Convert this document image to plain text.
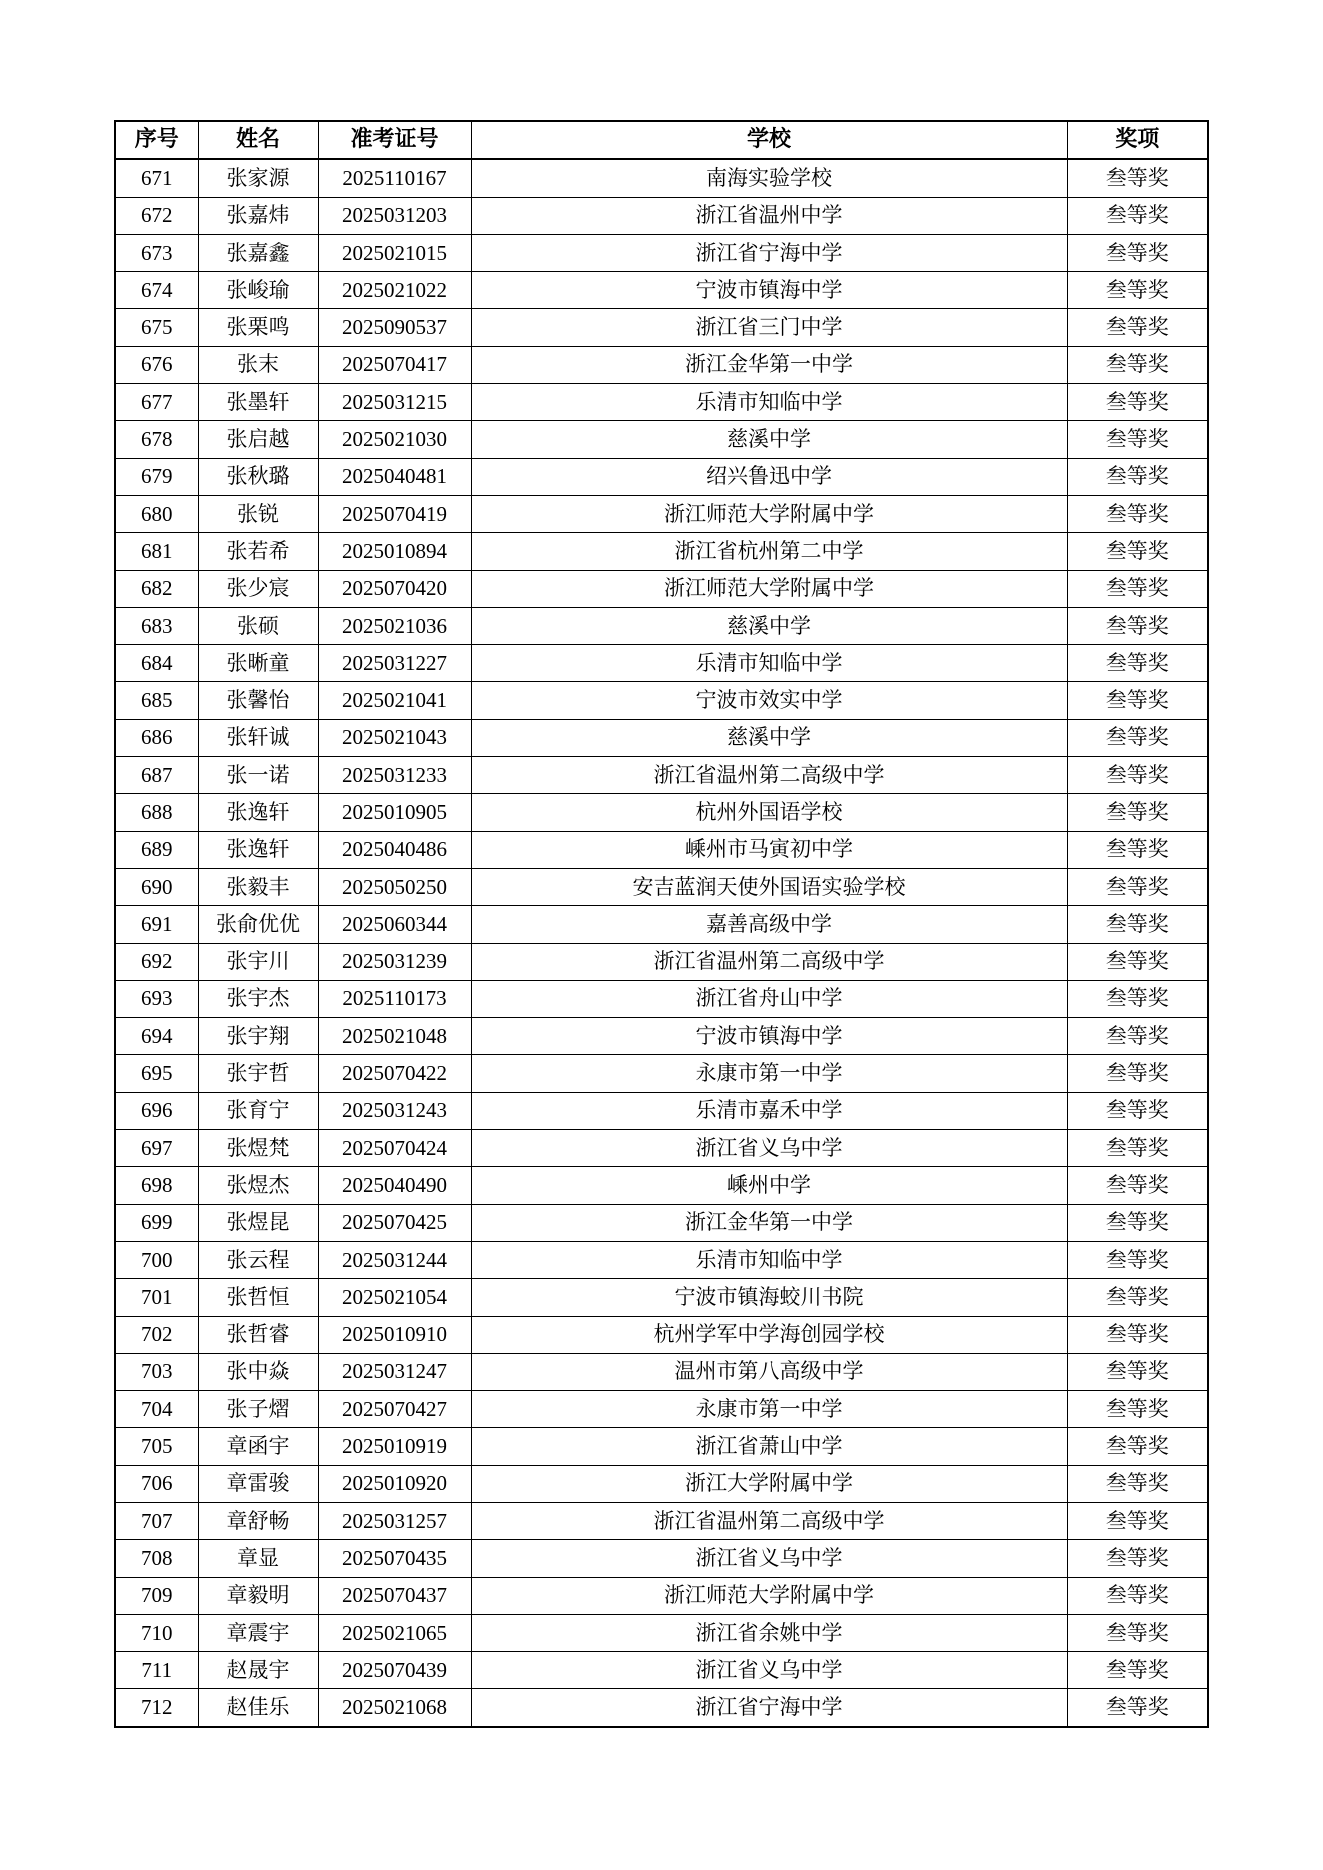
序号	姓名	准考证号	学校	奖项
671	张家源	2025110167	南海实验学校	叁等奖
672	张嘉炜	2025031203	浙江省温州中学	叁等奖
673	张嘉鑫	2025021015	浙江省宁海中学	叁等奖
674	张峻瑜	2025021022	宁波市镇海中学	叁等奖
675	张栗鸣	2025090537	浙江省三门中学	叁等奖
676	张末	2025070417	浙江金华第一中学	叁等奖
677	张墨轩	2025031215	乐清市知临中学	叁等奖
678	张启越	2025021030	慈溪中学	叁等奖
679	张秋璐	2025040481	绍兴鲁迅中学	叁等奖
680	张锐	2025070419	浙江师范大学附属中学	叁等奖
681	张若希	2025010894	浙江省杭州第二中学	叁等奖
682	张少宸	2025070420	浙江师范大学附属中学	叁等奖
683	张硕	2025021036	慈溪中学	叁等奖
684	张晰童	2025031227	乐清市知临中学	叁等奖
685	张馨怡	2025021041	宁波市效实中学	叁等奖
686	张轩诚	2025021043	慈溪中学	叁等奖
687	张一诺	2025031233	浙江省温州第二高级中学	叁等奖
688	张逸轩	2025010905	杭州外国语学校	叁等奖
689	张逸轩	2025040486	嵊州市马寅初中学	叁等奖
690	张毅丰	2025050250	安吉蓝润天使外国语实验学校	叁等奖
691	张俞优优	2025060344	嘉善高级中学	叁等奖
692	张宇川	2025031239	浙江省温州第二高级中学	叁等奖
693	张宇杰	2025110173	浙江省舟山中学	叁等奖
694	张宇翔	2025021048	宁波市镇海中学	叁等奖
695	张宇哲	2025070422	永康市第一中学	叁等奖
696	张育宁	2025031243	乐清市嘉禾中学	叁等奖
697	张煜梵	2025070424	浙江省义乌中学	叁等奖
698	张煜杰	2025040490	嵊州中学	叁等奖
699	张煜昆	2025070425	浙江金华第一中学	叁等奖
700	张云程	2025031244	乐清市知临中学	叁等奖
701	张哲恒	2025021054	宁波市镇海蛟川书院	叁等奖
702	张哲睿	2025010910	杭州学军中学海创园学校	叁等奖
703	张中焱	2025031247	温州市第八高级中学	叁等奖
704	张子熠	2025070427	永康市第一中学	叁等奖
705	章函宇	2025010919	浙江省萧山中学	叁等奖
706	章雷骏	2025010920	浙江大学附属中学	叁等奖
707	章舒畅	2025031257	浙江省温州第二高级中学	叁等奖
708	章显	2025070435	浙江省义乌中学	叁等奖
709	章毅明	2025070437	浙江师范大学附属中学	叁等奖
710	章震宇	2025021065	浙江省余姚中学	叁等奖
711	赵晟宇	2025070439	浙江省义乌中学	叁等奖
712	赵佳乐	2025021068	浙江省宁海中学	叁等奖
